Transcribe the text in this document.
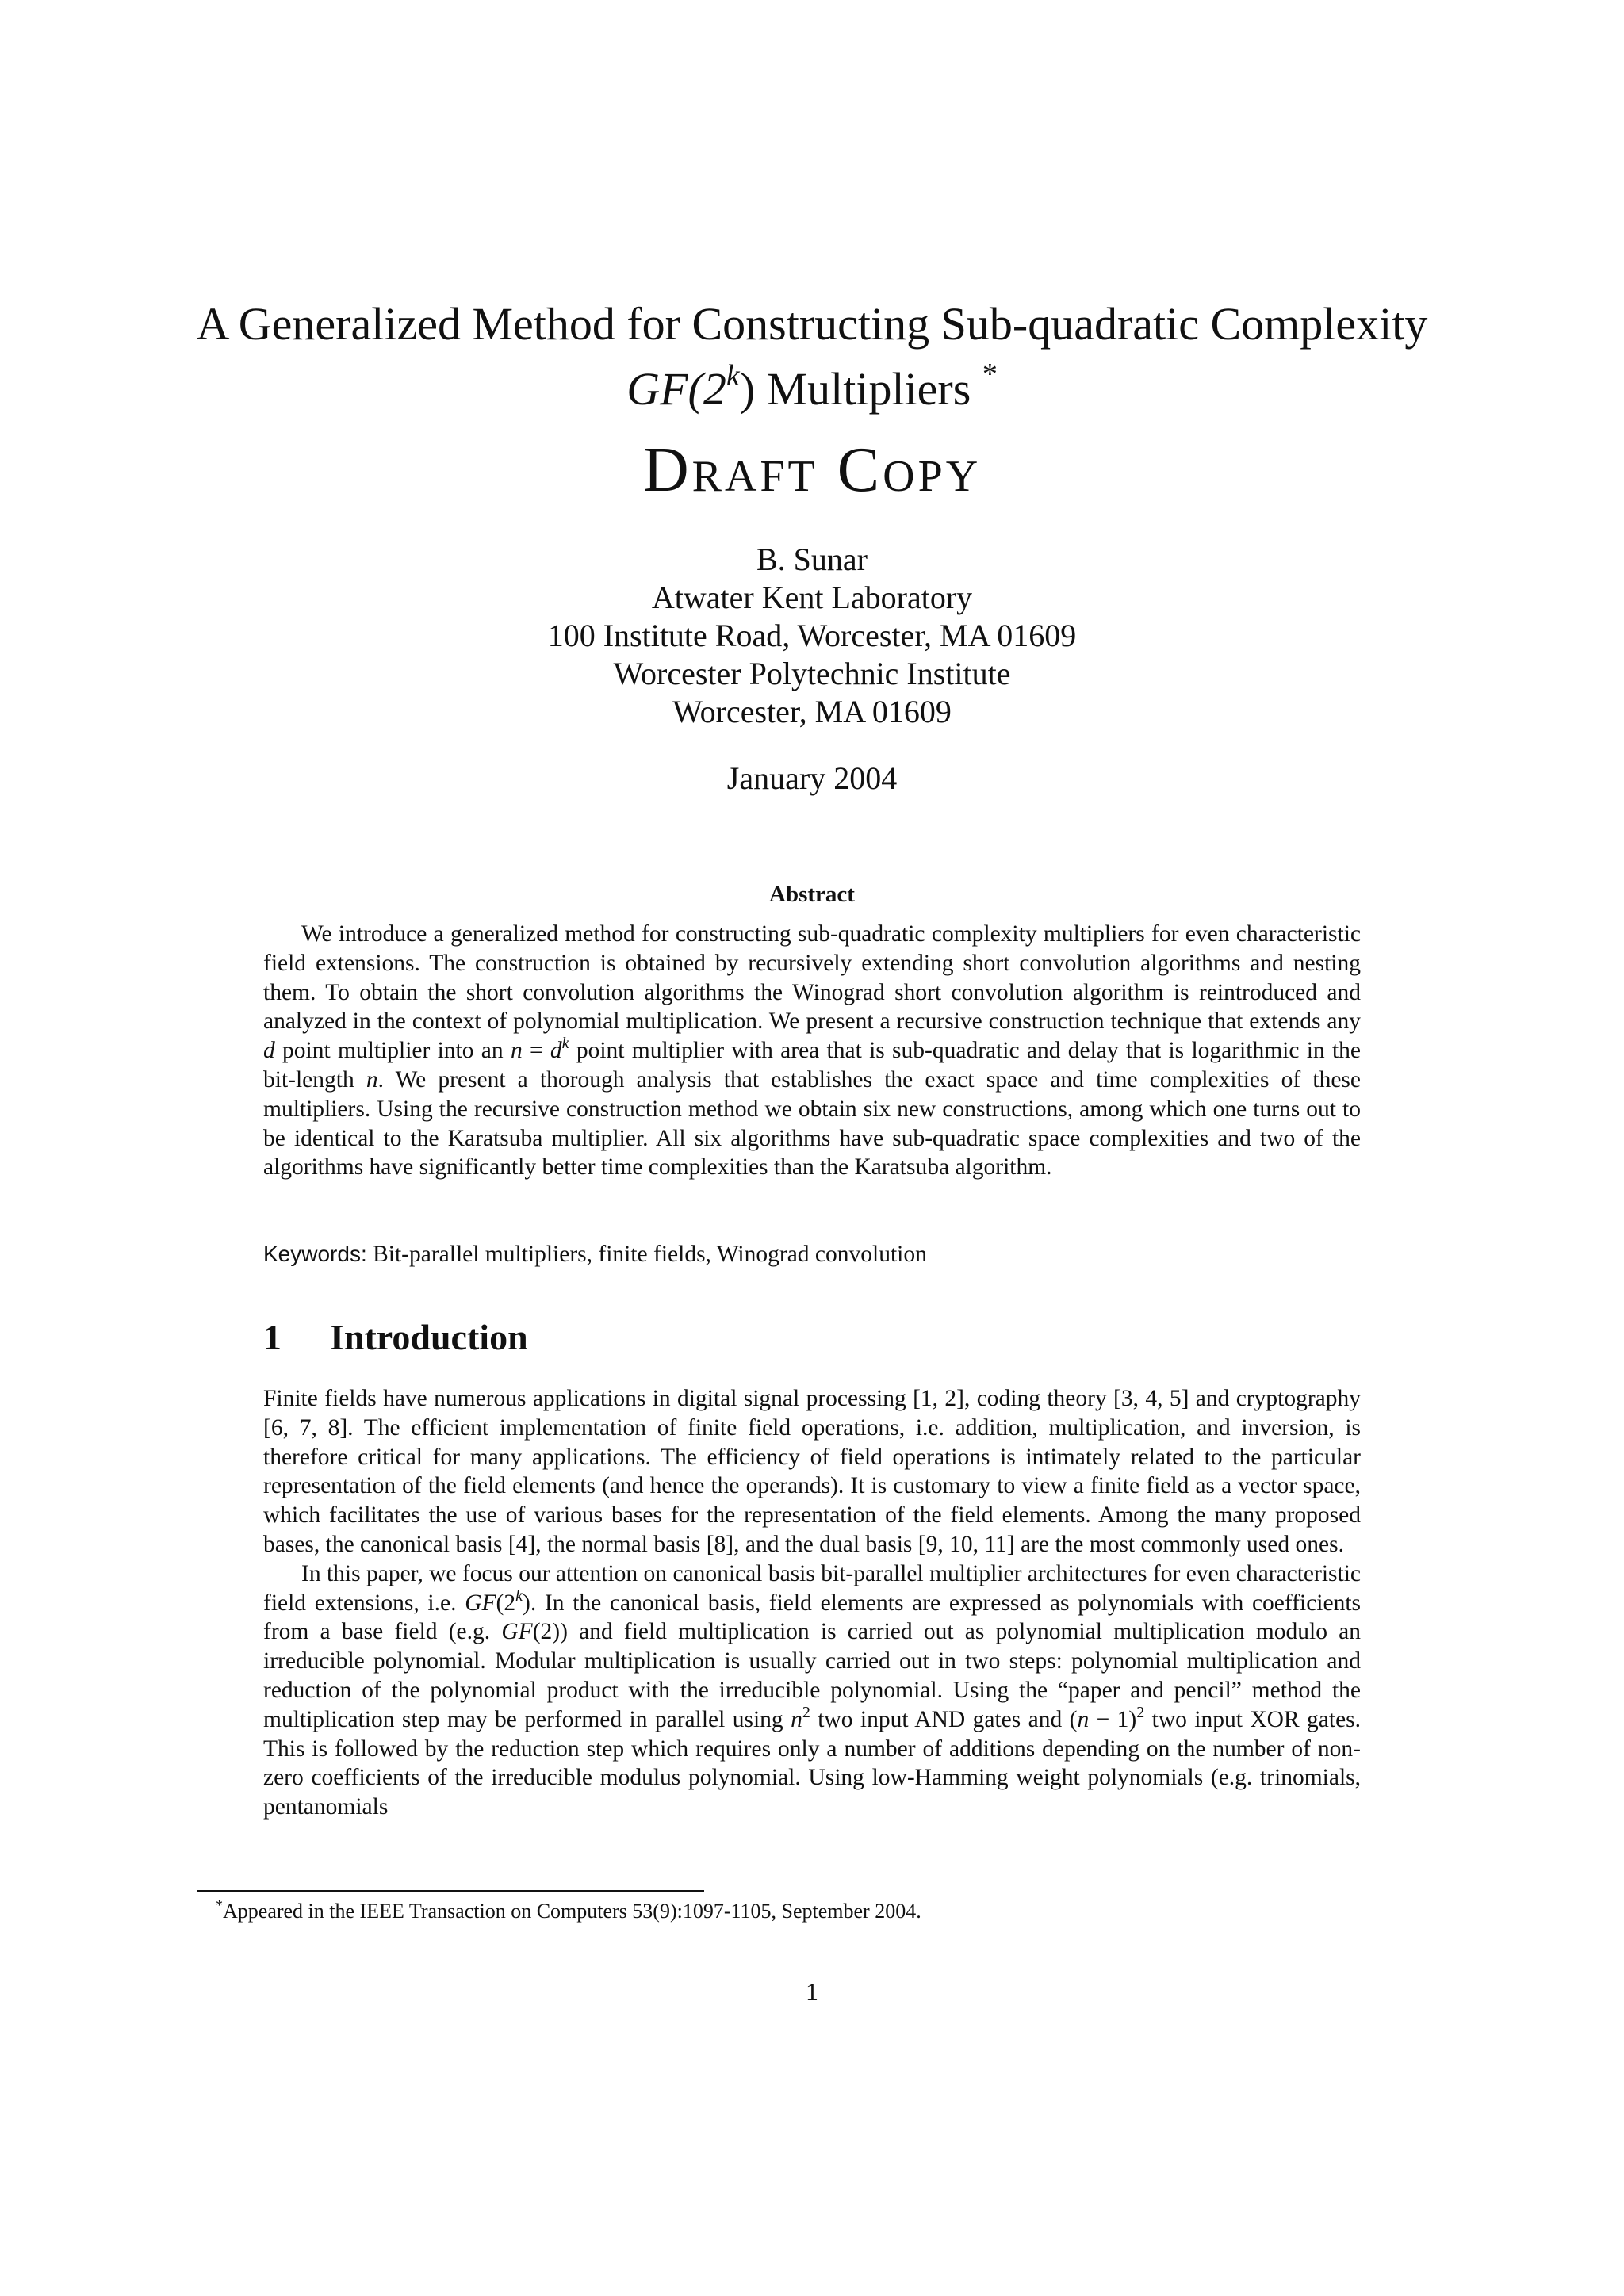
A Generalized Method for Constructing Sub-quadratic Complexity
GF(2$^k$) Multipliers *
Draft Copy
B. Sunar
Atwater Kent Laboratory
100 Institute Road, Worcester, MA 01609
Worcester Polytechnic Institute
Worcester, MA 01609
January 2004
Abstract
We introduce a generalized method for constructing sub-quadratic complexity multipliers for even characteristic field extensions. The construction is obtained by recursively extending short convolution algorithms and nesting them. To obtain the short convolution algorithms the Winograd short convolution algorithm is reintroduced and analyzed in the context of polynomial multiplication. We present a recursive construction technique that extends any d point multiplier into an $n = d^k$ point multiplier with area that is sub-quadratic and delay that is logarithmic in the bit-length n. We present a thorough analysis that establishes the exact space and time complexities of these multipliers. Using the recursive construction method we obtain six new constructions, among which one turns out to be identical to the Karatsuba multiplier. All six algorithms have sub-quadratic space complexities and two of the algorithms have significantly better time complexities than the Karatsuba algorithm.
Keywords: Bit-parallel multipliers, finite fields, Winograd convolution
1 Introduction

Finite fields have numerous applications in digital signal processing [1, 2], coding theory [3, 4, 5] and cryptography [6, 7, 8]. The efficient implementation of finite field operations, i.e. addition, multiplication, and inversion, is therefore critical for many applications. The efficiency of field operations is intimately related to the particular representation of the field elements (and hence the operands). It is customary to view a finite field as a vector space, which facilitates the use of various bases for the representation of the field elements. Among the many proposed bases, the canonical basis [4], the normal basis [8], and the dual basis [9, 10, 11] are the most commonly used ones.

In this paper, we focus our attention on canonical basis bit-parallel multiplier architectures for even characteristic field extensions, i.e. GF(2$^k$). In the canonical basis, field elements are expressed as polynomials with coefficients from a base field (e.g. GF(2)) and field multiplication is carried out as polynomial multiplication modulo an irreducible polynomial. Modular multiplication is usually carried out in two steps: polynomial multiplication and reduction of the polynomial product with the irreducible polynomial. Using the “paper and pencil” method the multiplication step may be performed in parallel using $n^2$ two input AND gates and $(n - 1)^2$ two input XOR gates. This is followed by the reduction step which requires only a number of additions depending on the number of non-zero coefficients of the irreducible modulus polynomial. Using low-Hamming weight polynomials (e.g. trinomials, pentanomials

*Appeared in the IEEE Transaction on Computers 53(9):1097-1105, September 2004.
1
